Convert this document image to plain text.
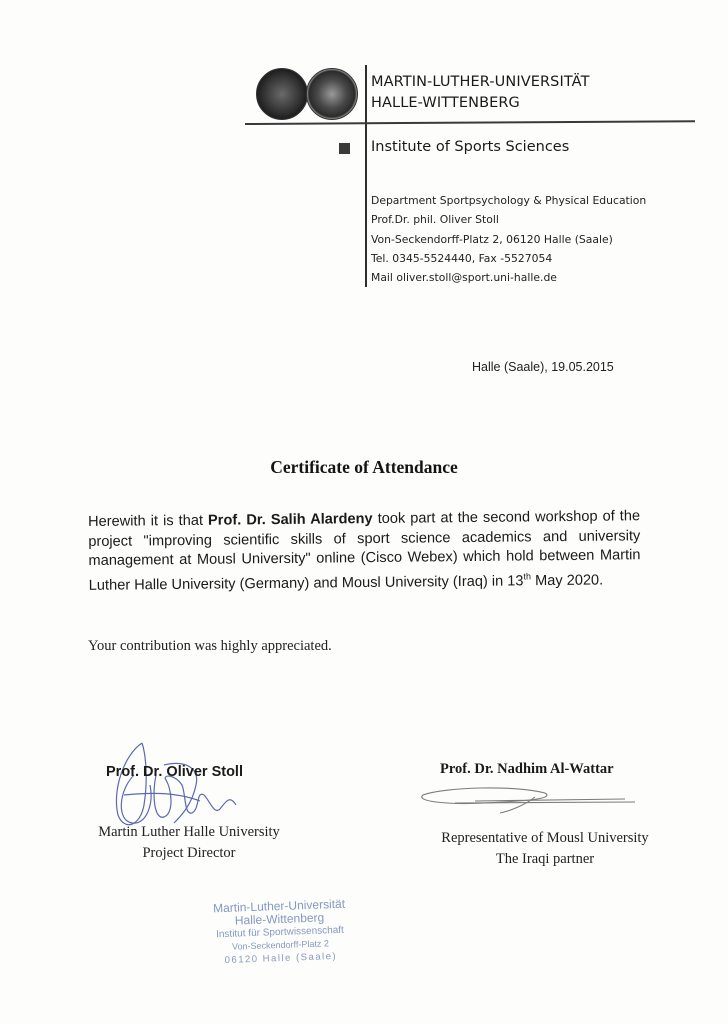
MARTIN-LUTHER-UNIVERSITÄT
HALLE-WITTENBERG
Institute of Sports Sciences
Department Sportpsychology & Physical Education
Prof.Dr. phil. Oliver Stoll
Von-Seckendorff-Platz 2, 06120 Halle (Saale)
Tel. 0345-5524440, Fax -5527054
Mail oliver.stoll@sport.uni-halle.de
Halle (Saale), 19.05.2015
Certificate of Attendance
Herewith it is that Prof. Dr. Salih Alardeny took part at the second workshop of the project "improving scientific skills of sport science academics and university management at Mousl University" online (Cisco Webex) which hold between Martin Luther Halle University (Germany) and Mousl University (Iraq) in 13th May 2020.
Your contribution was highly appreciated.
Prof. Dr. Oliver Stoll
Martin Luther Halle University
Project Director
Prof. Dr. Nadhim Al-Wattar
Representative of Mousl University
The Iraqi partner
Martin-Luther-Universität
Halle-Wittenberg
Institut für Sportwissenschaft
Von-Seckendorff-Platz 2
06120 Halle (Saale)
